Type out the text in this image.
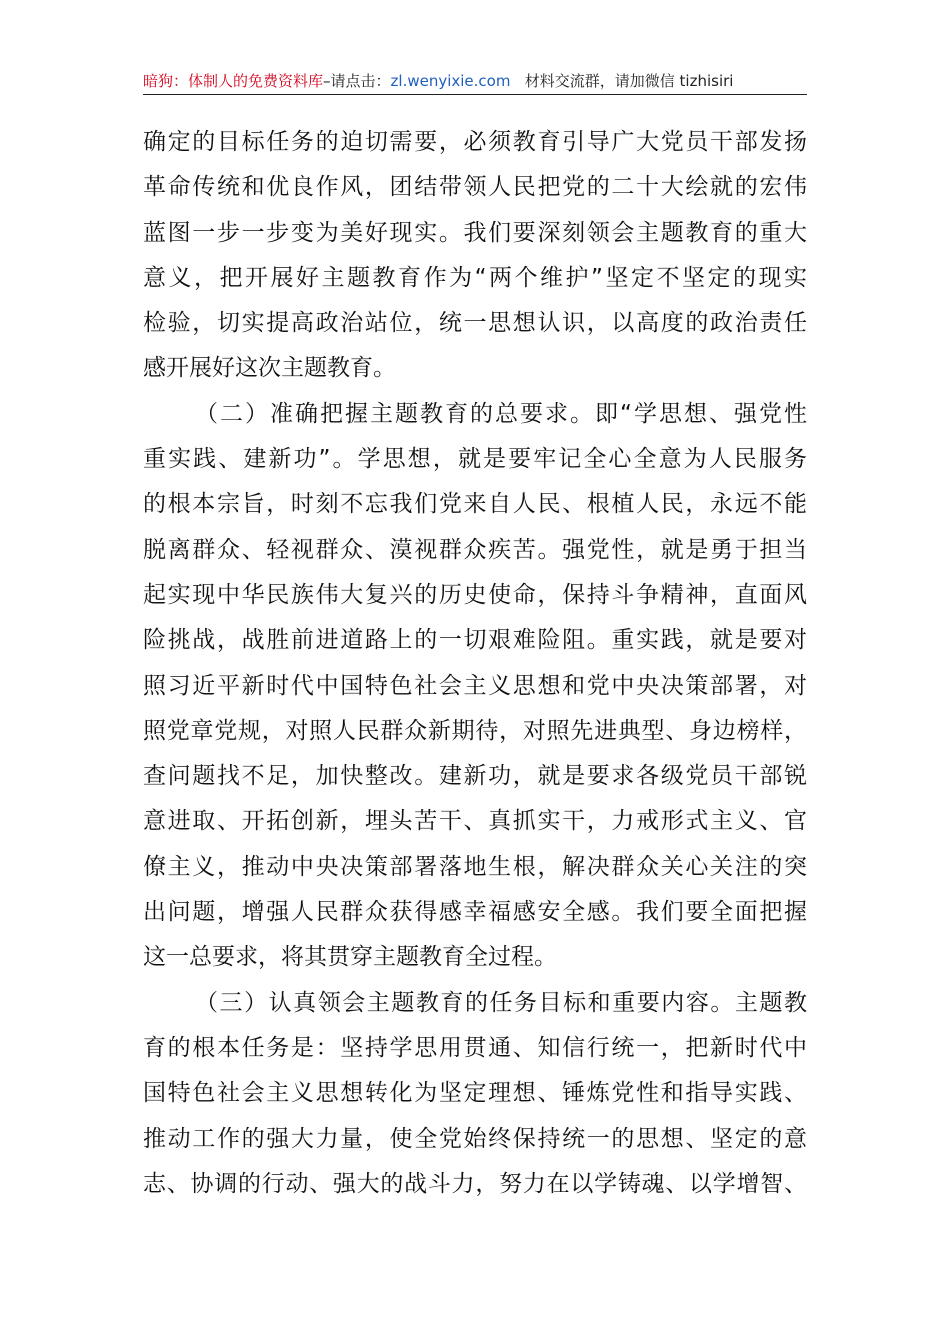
暗狗：体制人的免费资料库–请点击：zl.wenyixie.com 材料交流群，请加微信 tizhisiri
确定的目标任务的迫切需要，必须教育引导广大党员干部发扬
革命传统和优良作风，团结带领人民把党的二十大绘就的宏伟
蓝图一步一步变为美好现实。我们要深刻领会主题教育的重大
意义，把开展好主题教育作为“两个维护”坚定不坚定的现实
检验，切实提高政治站位，统一思想认识，以高度的政治责任
感开展好这次主题教育。
（二）准确把握主题教育的总要求。即“学思想、强党性
重实践、建新功”。学思想，就是要牢记全心全意为人民服务
的根本宗旨，时刻不忘我们党来自人民、根植人民，永远不能
脱离群众、轻视群众、漠视群众疾苦。强党性，就是勇于担当
起实现中华民族伟大复兴的历史使命，保持斗争精神，直面风
险挑战，战胜前进道路上的一切艰难险阻。重实践，就是要对
照习近平新时代中国特色社会主义思想和党中央决策部署，对
照党章党规，对照人民群众新期待，对照先进典型、身边榜样，
查问题找不足，加快整改。建新功，就是要求各级党员干部锐
意进取、开拓创新，埋头苦干、真抓实干，力戒形式主义、官
僚主义，推动中央决策部署落地生根，解决群众关心关注的突
出问题，增强人民群众获得感幸福感安全感。我们要全面把握
这一总要求，将其贯穿主题教育全过程。
（三）认真领会主题教育的任务目标和重要内容。主题教
育的根本任务是：坚持学思用贯通、知信行统一，把新时代中
国特色社会主义思想转化为坚定理想、锤炼党性和指导实践、
推动工作的强大力量，使全党始终保持统一的思想、坚定的意
志、协调的行动、强大的战斗力，努力在以学铸魂、以学增智、
